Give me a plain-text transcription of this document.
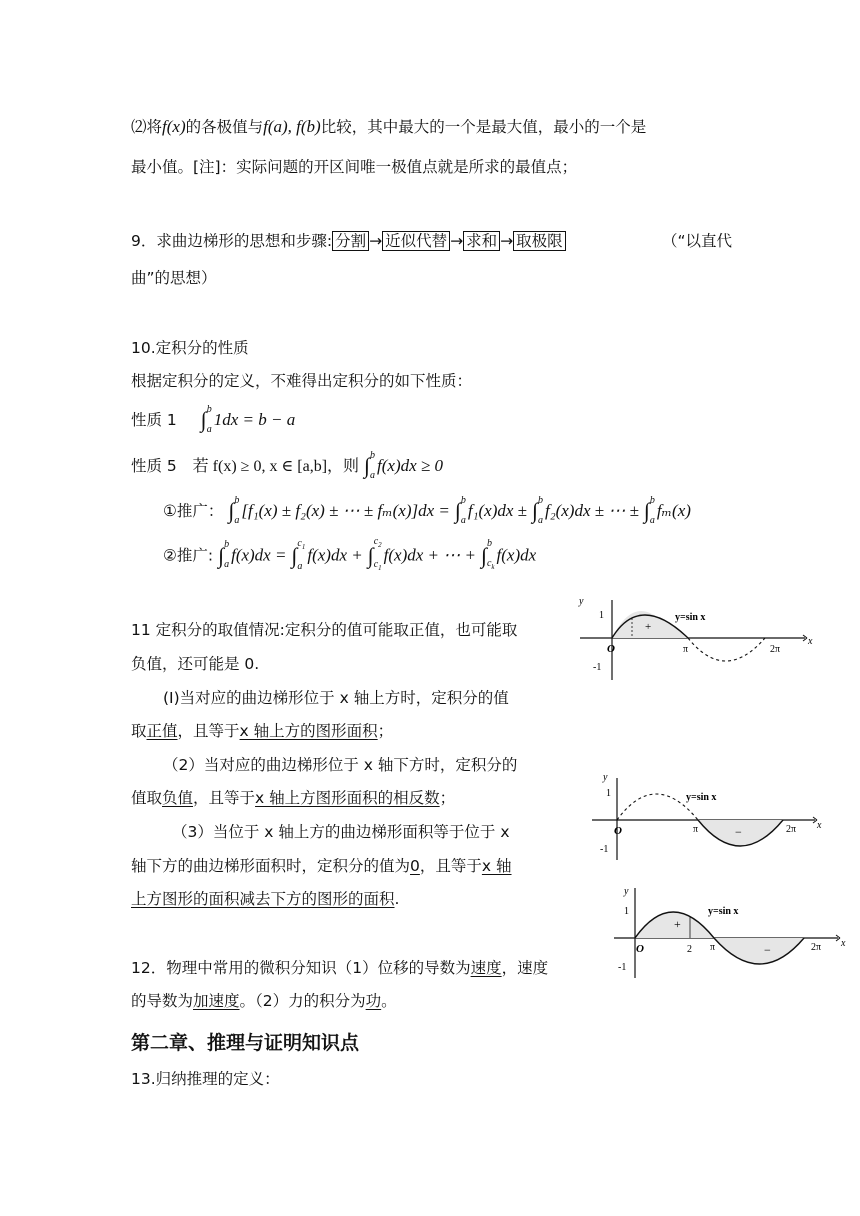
⑵将f(x)的各极值与f(a), f(b)比较，其中最大的一个是最大值，最小的一个是
最小值。[注]：实际问题的开区间唯一极值点就是所求的最值点；
9．求曲边梯形的思想和步骤: 分割 → 近似代替 → 求和 → 取极限	（“以直代
曲”的思想）
10.定积分的性质
根据定积分的定义，不难得出定积分的如下性质：
性质 1 ∫ b
a 1dx = b − a
性质 5 若 f(x) ≥ 0, x ∈ [a,b]，则 ∫ b
a f(x)dx ≥ 0
①推广： ∫ b
a [f₁(x) ± f₂(x) ± ⋯ ± fₘ(x)]dx = ∫ b
a f₁(x)dx ± ∫ b
a f₂(x)dx ± ⋯ ± ∫ b
a fₘ(x)
②推广: ∫ b
a f(x)dx = ∫ $c_1$
a
f(x)dx + ∫
$c_2$
$c_1$
f(x)dx + ⋯ + ∫ b
$c_k$
f(x)dx
11 定积分的取值情况:定积分的值可能取正值，也可能取
负值，还可能是 0.
(Ⅰ)当对应的曲边梯形位于 x 轴上方时，定积分的值
取正值，且等于x 轴上方的图形面积；
（2）当对应的曲边梯形位于 x 轴下方时，定积分的
值取负值，且等于x 轴上方图形面积的相反数；
（3）当位于 x 轴上方的曲边梯形面积等于位于 x
轴下方的曲边梯形面积时，定积分的值为0，且等于x 轴
上方图形的面积减去下方的图形的面积.
12．物理中常用的微积分知识（1）位移的导数为速度，速度
的导数为加速度。（2）力的积分为功。
第二章、推理与证明知识点
13.归纳推理的定义：
y
x
1
-1
O	π	2π
y=sin x
+
y
x
1
-1
O	π	2π
y=sin x
−
y
x
1
-1
O	2 π	2π
y=sin x
+
−
